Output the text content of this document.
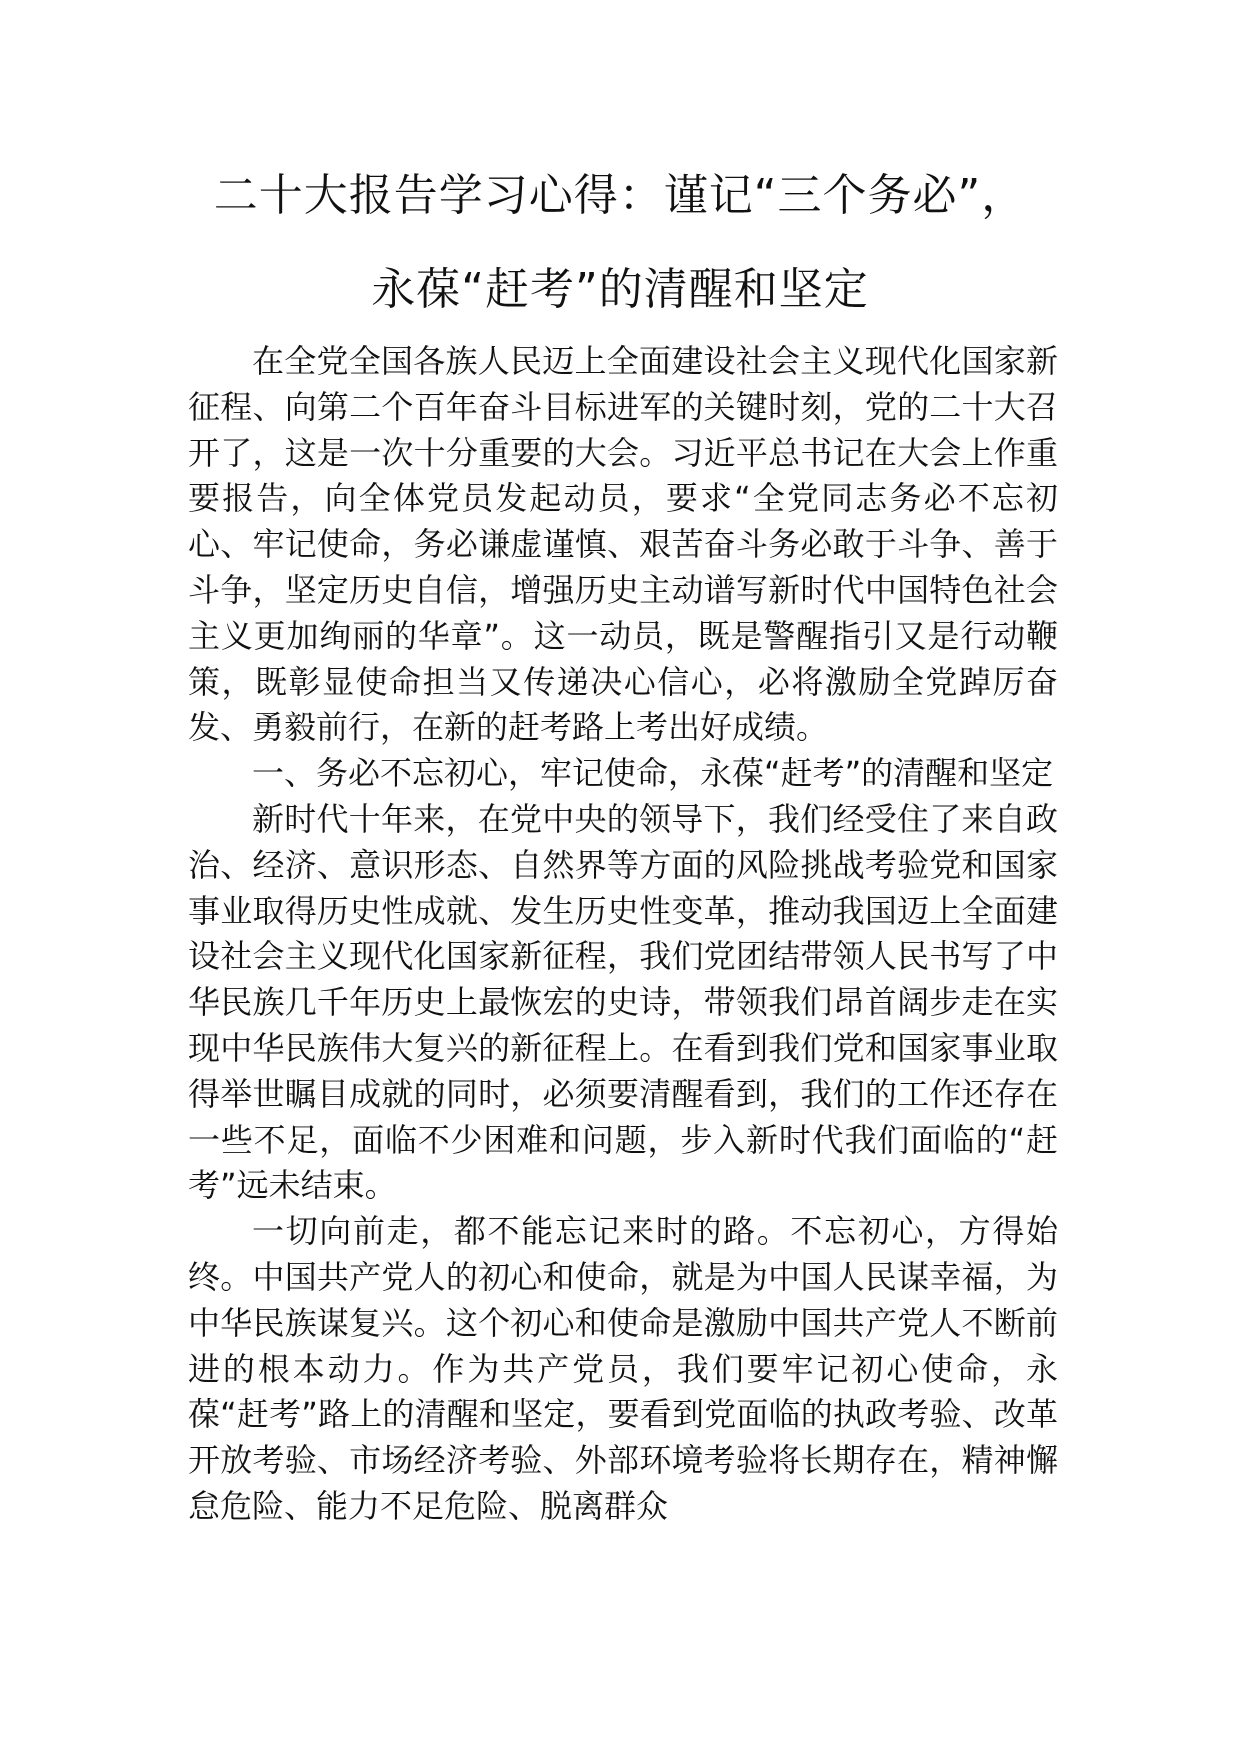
二十大报告学习心得：谨记“三个务必”，
永葆“赶考”的清醒和坚定

在全党全国各族人民迈上全面建设社会主义现代化国家新征程、向第二个百年奋斗目标进军的关键时刻，党的二十大召开了，这是一次十分重要的大会。习近平总书记在大会上作重要报告，向全体党员发起动员，要求“全党同志务必不忘初心、牢记使命，务必谦虚谨慎、艰苦奋斗务必敢于斗争、善于斗争，坚定历史自信，增强历史主动谱写新时代中国特色社会主义更加绚丽的华章”。这一动员，既是警醒指引又是行动鞭策，既彰显使命担当又传递决心信心，必将激励全党踔厉奋发、勇毅前行，在新的赶考路上考出好成绩。

一、务必不忘初心，牢记使命，永葆“赶考”的清醒和坚定

新时代十年来，在党中央的领导下，我们经受住了来自政治、经济、意识形态、自然界等方面的风险挑战考验党和国家事业取得历史性成就、发生历史性变革，推动我国迈上全面建设社会主义现代化国家新征程，我们党团结带领人民书写了中华民族几千年历史上最恢宏的史诗，带领我们昂首阔步走在实现中华民族伟大复兴的新征程上。在看到我们党和国家事业取得举世瞩目成就的同时，必须要清醒看到，我们的工作还存在一些不足，面临不少困难和问题，步入新时代我们面临的“赶考”远未结束。

一切向前走，都不能忘记来时的路。不忘初心，方得始终。中国共产党人的初心和使命，就是为中国人民谋幸福，为中华民族谋复兴。这个初心和使命是激励中国共产党人不断前进的根本动力。作为共产党员，我们要牢记初心使命，永葆“赶考”路上的清醒和坚定，要看到党面临的执政考验、改革开放考验、市场经济考验、外部环境考验将长期存在，精神懈怠危险、能力不足危险、脱离群众
